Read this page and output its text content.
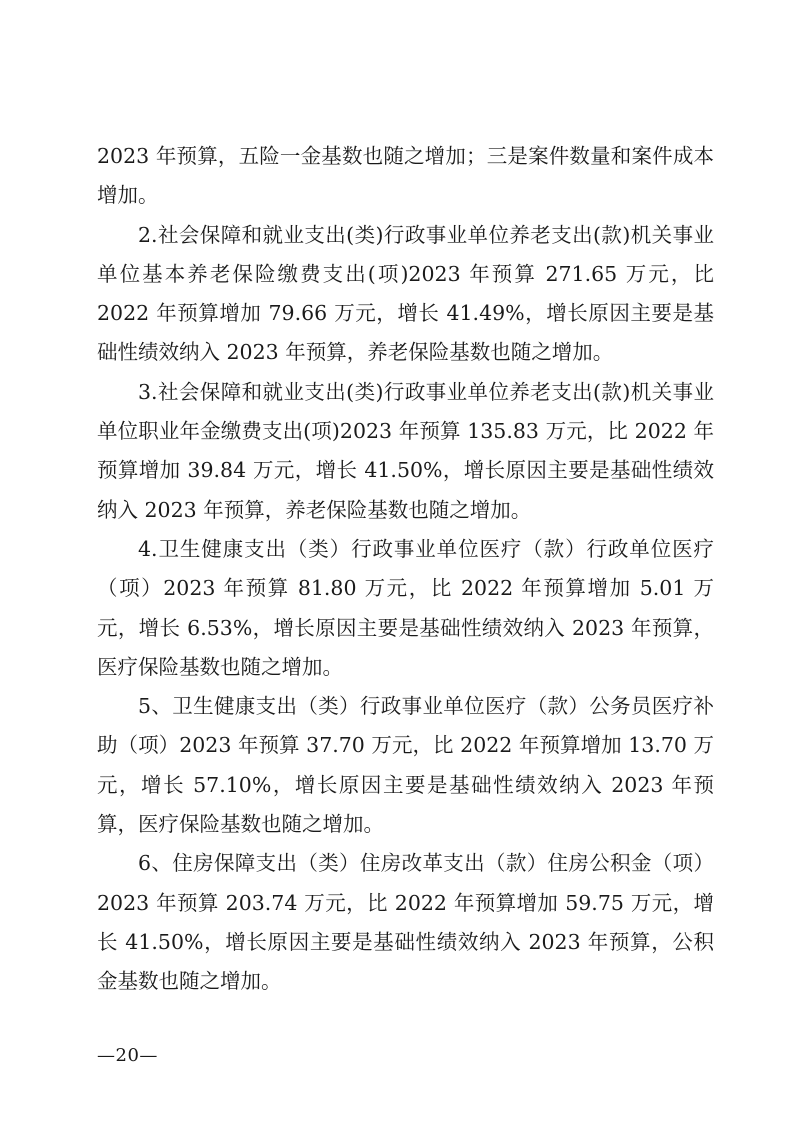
2023 年预算，五险一金基数也随之增加；三是案件数量和案件成本增加。

2.社会保障和就业支出(类)行政事业单位养老支出(款)机关事业单位基本养老保险缴费支出(项)2023 年预算 271.65 万元，比 2022 年预算增加 79.66 万元，增长 41.49%，增长原因主要是基础性绩效纳入 2023 年预算，养老保险基数也随之增加。

3.社会保障和就业支出(类)行政事业单位养老支出(款)机关事业单位职业年金缴费支出(项)2023 年预算 135.83 万元，比 2022 年预算增加 39.84 万元，增长 41.50%，增长原因主要是基础性绩效纳入 2023 年预算，养老保险基数也随之增加。

4.卫生健康支出（类）行政事业单位医疗（款）行政单位医疗（项）2023 年预算 81.80 万元，比 2022 年预算增加 5.01 万元，增长 6.53%，增长原因主要是基础性绩效纳入 2023 年预算，医疗保险基数也随之增加。

5、卫生健康支出（类）行政事业单位医疗（款）公务员医疗补助（项）2023 年预算 37.70 万元，比 2022 年预算增加 13.70 万元，增长 57.10%，增长原因主要是基础性绩效纳入 2023 年预算，医疗保险基数也随之增加。

6、住房保障支出（类）住房改革支出（款）住房公积金（项）2023 年预算 203.74 万元，比 2022 年预算增加 59.75 万元，增长 41.50%，增长原因主要是基础性绩效纳入 2023 年预算，公积金基数也随之增加。

—20—
